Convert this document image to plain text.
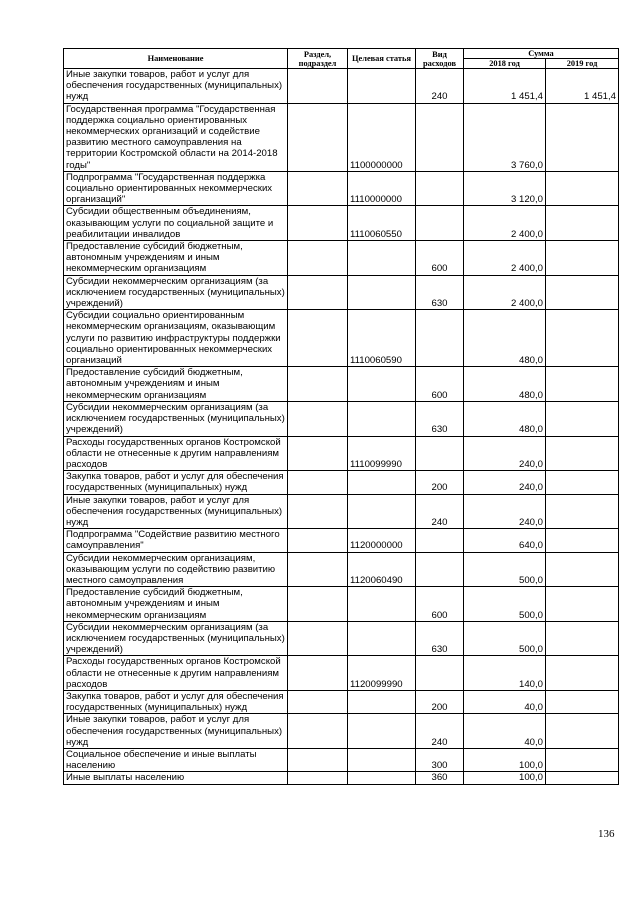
Наименование	Раздел, подраздел	Целевая статья	Вид расходов	Сумма	
				2018 год	2019 год
Иные закупки товаров, работ и услуг для обеспечения государственных (муниципальных) нужд			240	1 451,4	1 451,4
Государственная программа "Государственная поддержка социально ориентированных некоммерческих организаций и содействие развитию местного самоуправления на территории Костромской области на 2014-2018 годы"		1100000000		3 760,0	
Подпрограмма "Государственная поддержка социально ориентированных некоммерческих организаций"		1110000000		3 120,0	
Субсидии общественным объединениям, оказывающим услуги по социальной защите и реабилитации инвалидов		1110060550		2 400,0	
Предоставление субсидий бюджетным, автономным учреждениям и иным некоммерческим организациям			600	2 400,0	
Субсидии некоммерческим организациям (за исключением государственных (муниципальных) учреждений)			630	2 400,0	
Субсидии социально ориентированным некоммерческим организациям, оказывающим услуги по развитию инфраструктуры поддержки социально ориентированных некоммерческих организаций		1110060590		480,0	
Предоставление субсидий бюджетным, автономным учреждениям и иным некоммерческим организациям			600	480,0	
Субсидии некоммерческим организациям (за исключением государственных (муниципальных) учреждений)			630	480,0	
Расходы государственных органов Костромской области не отнесенные к другим направлениям расходов		1110099990		240,0	
Закупка товаров, работ и услуг для обеспечения государственных (муниципальных) нужд			200	240,0	
Иные закупки товаров, работ и услуг для обеспечения государственных (муниципальных) нужд			240	240,0	
Подпрограмма "Содействие развитию местного самоуправления"		1120000000		640,0	
Субсидии некоммерческим организациям, оказывающим услуги по содействию развитию местного самоуправления		1120060490		500,0	
Предоставление субсидий бюджетным, автономным учреждениям и иным некоммерческим организациям			600	500,0	
Субсидии некоммерческим организациям (за исключением государственных (муниципальных) учреждений)			630	500,0	
Расходы государственных органов Костромской области не отнесенные к другим направлениям расходов		1120099990		140,0	
Закупка товаров, работ и услуг для обеспечения государственных (муниципальных) нужд			200	40,0	
Иные закупки товаров, работ и услуг для обеспечения государственных (муниципальных) нужд			240	40,0	
Социальное обеспечение и иные выплаты населению			300	100,0	
Иные выплаты населению			360	100,0	
136
